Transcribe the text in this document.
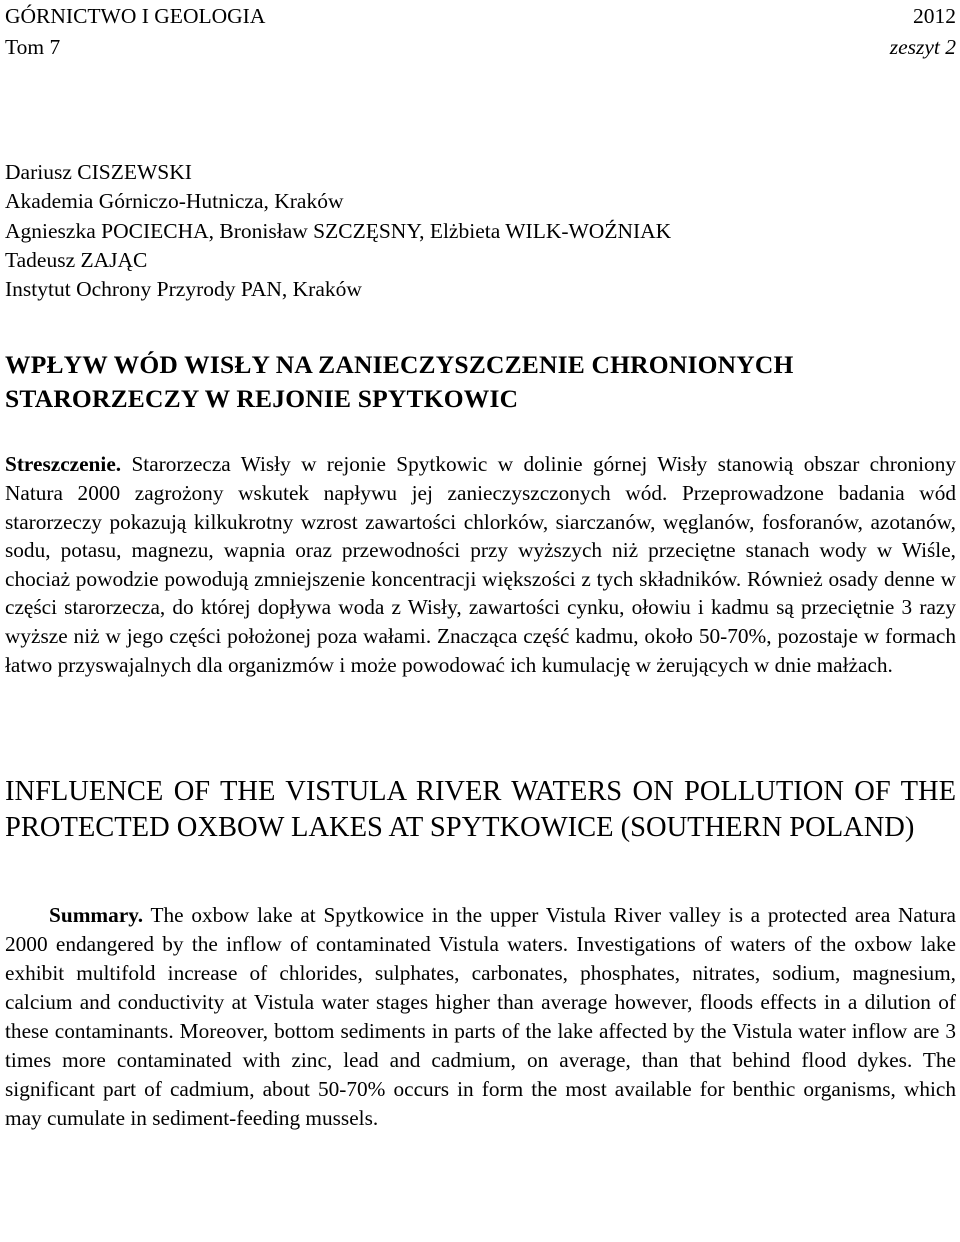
GÓRNICTWO I GEOLOGIA	2012
Tom 7	zeszyt 2
Dariusz CISZEWSKI
Akademia Górniczo-Hutnicza, Kraków
Agnieszka POCIECHA, Bronisław SZCZĘSNY, Elżbieta WILK-WOŹNIAK
Tadeusz ZAJĄC
Instytut Ochrony Przyrody PAN, Kraków
WPŁYW WÓD WISŁY NA ZANIECZYSZCZENIE CHRONIONYCH STARORZECZY W REJONIE SPYTKOWIC
Streszczenie. Starorzecza Wisły w rejonie Spytkowic w dolinie górnej Wisły stanowią obszar chroniony Natura 2000 zagrożony wskutek napływu jej zanieczyszczonych wód. Przeprowadzone badania wód starorzeczy pokazują kilkukrotny wzrost zawartości chlorków, siarczanów, węglanów, fosforanów, azotanów, sodu, potasu, magnezu, wapnia oraz przewodności przy wyższych niż przeciętne stanach wody w Wiśle, chociaż powodzie powodują zmniejszenie koncentracji większości z tych składników. Również osady denne w części starorzecza, do której dopływa woda z Wisły, zawartości cynku, ołowiu i kadmu są przeciętnie 3 razy wyższe niż w jego części położonej poza wałami. Znacząca część kadmu, około 50-70%, pozostaje w formach łatwo przyswajalnych dla organizmów i może powodować ich kumulację w żerujących w dnie małżach.
INFLUENCE OF THE VISTULA RIVER WATERS ON POLLUTION OF THE PROTECTED OXBOW LAKES AT SPYTKOWICE (SOUTHERN POLAND)
Summary. The oxbow lake at Spytkowice in the upper Vistula River valley is a protected area Natura 2000 endangered by the inflow of contaminated Vistula waters. Investigations of waters of the oxbow lake exhibit multifold increase of chlorides, sulphates, carbonates, phosphates, nitrates, sodium, magnesium, calcium and conductivity at Vistula water stages higher than average however, floods effects in a dilution of these contaminants. Moreover, bottom sediments in parts of the lake affected by the Vistula water inflow are 3 times more contaminated with zinc, lead and cadmium, on average, than that behind flood dykes. The significant part of cadmium, about 50-70% occurs in form the most available for benthic organisms, which may cumulate in sediment-feeding mussels.
